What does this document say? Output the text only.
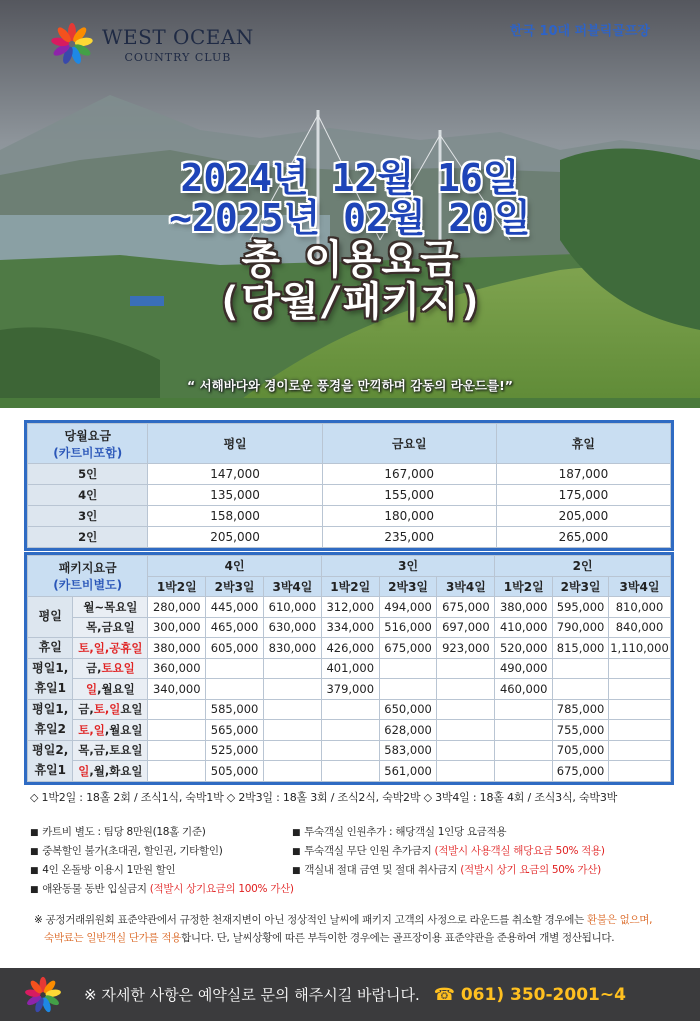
WEST OCEAN
COUNTRY CLUB
한국 10대 퍼블릭골프장
2024년 12월 16일
~2025년 02월 20일
총 이용요금
(당월/패키지)
“ 서해바다와 경이로운 풍경을 만끽하며 감동의 라운드를!”
당월요금
(카트비포함)	평일	금요일	휴일
5인	147,000	167,000	187,000
4인	135,000	155,000	175,000
3인	158,000	180,000	205,000
2인	205,000	235,000	265,000
패키지요금
(카트비별도)		4인			3인			2인		
		1박2일	2박3일	3박4일	1박2일	2박3일	3박4일	1박2일	2박3일	3박4일
평일	월~목요일	280,000	445,000	610,000	312,000	494,000	675,000	380,000	595,000	810,000
	목,금요일	300,000	465,000	630,000	334,000	516,000	697,000	410,000	790,000	840,000
휴일	토,일,공휴일	380,000	605,000	830,000	426,000	675,000	923,000	520,000	815,000	1,110,000

평일1,
휴일1	금,토요일	360,000			401,000			490,000		
	일,월요일	340,000			379,000			460,000		

평일1,
휴일2	금,토,일요일		585,000			650,000			785,000	
	토,일,월요일		565,000			628,000			755,000	

평일2,
휴일1	목,금,토요일		525,000			583,000			705,000	
	일,월,화요일		505,000			561,000			675,000	
◇ 1박2일 : 18홀 2회 / 조식1식, 숙박1박 ◇ 2박3일 : 18홀 3회 / 조식2식, 숙박2박 ◇ 3박4일 : 18홀 4회 / 조식3식, 숙박3박
■ 카트비 별도 : 팀당 8만원(18홀 기준)	■ 투숙객실 인원추가 : 해당객실 1인당 요금적용
■ 중복할인 불가(초대권, 할인권, 기타할인)	■ 투숙객실 무단 인원 추가금지 (적발시 사용객실 해당요금 50% 적용)
■ 4인 온돌방 이용시 1만원 할인	■ 객실내 절대 금연 및 절대 취사금지 (적발시 상기 요금의 50% 가산)
■ 애완동물 동반 입실금지 (적발시 상기요금의 100% 가산)
※ 공정거래위원회 표준약관에서 규정한 천재지변이 아닌 정상적인 날씨에 패키지 고객의 사정으로 라운드를 취소할 경우에는 환불은 없으며,
숙박료는 일반객실 단가를 적용합니다. 단, 날씨상황에 따른 부득이한 경우에는 골프장이용 표준약관을 준용하여 개별 정산됩니다.
※ 자세한 사항은 예약실로 문의 해주시길 바랍니다. ☎ 061) 350-2001~4
